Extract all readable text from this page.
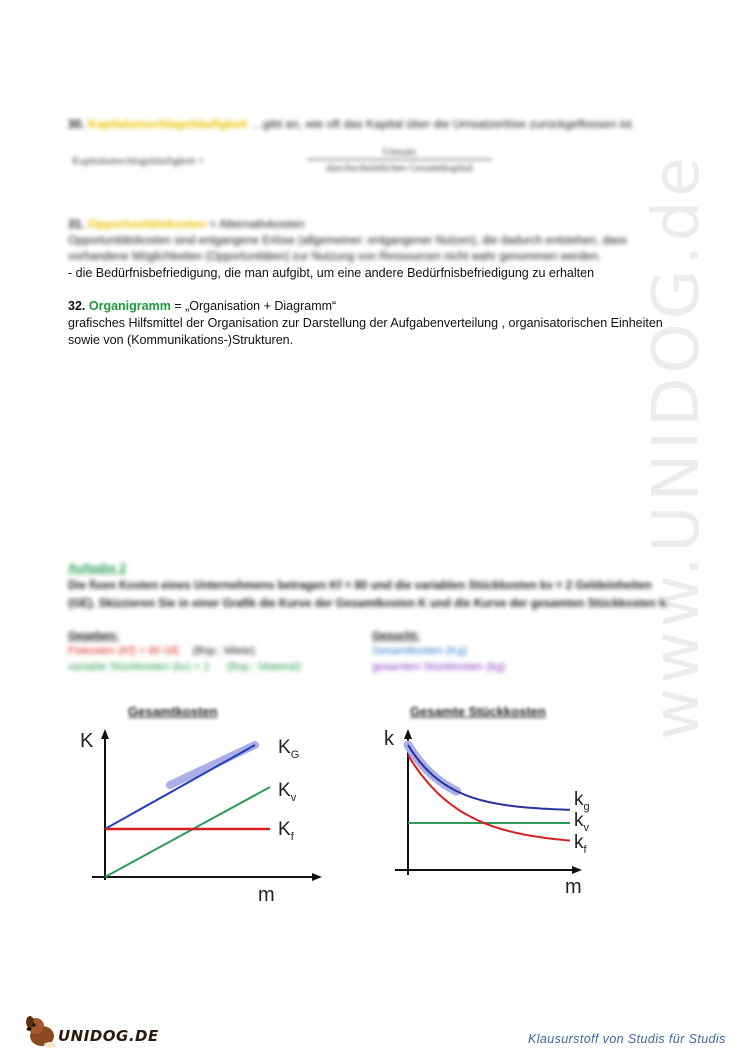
www.UNIDOG.de
30. Kapitalumschlagshäufigkeit …gibt an, wie oft das Kapital über die Umsatzerlöse zurückgeflossen ist.
Kapitalumschlagshäufigkeit =
Umsatz
durchschnittliches Gesamtkapital
31. Opportunitätskosten = Alternativkosten
Opportunitätskosten sind entgangene Erlöse (allgemeiner: entgangener Nutzen), die dadurch entstehen, dass
vorhandene Möglichkeiten (Opportunitäten) zur Nutzung von Ressourcen nicht wahr genommen werden.
- die Bedürfnisbefriedigung, die man aufgibt, um eine andere Bedürfnisbefriedigung zu erhalten
32. Organigramm = „Organisation + Diagramm“
grafisches Hilfsmittel der Organisation zur Darstellung der Aufgabenverteilung , organisatorischen Einheiten
sowie von (Kommunikations-)Strukturen.
Aufgabe 2
Die fixen Kosten eines Unternehmens betragen Kf = 80 und die variablen Stückkosten kv = 2 Geldeinheiten
(GE). Skizzieren Sie in einer Grafik die Kurve der Gesamtkosten K und die Kurve der gesamten Stückkosten k.
Gegeben:
Fixkosten (Kf) = 80 GE (Bsp.: Miete)
variable Stückkosten (kv) = 2 (Bsp.: Material)
Gesucht:
Gesamtkosten (Kg)
gesamten Stückkosten (kg)
Gesamtkosten
K
m
$K_G$
$K_v$
$K_f$
Gesamte Stückkosten
k
m
$k_g$
$k_v$
$k_f$
UNIDOG.DE	Klausurstoff von Studis für Studis
